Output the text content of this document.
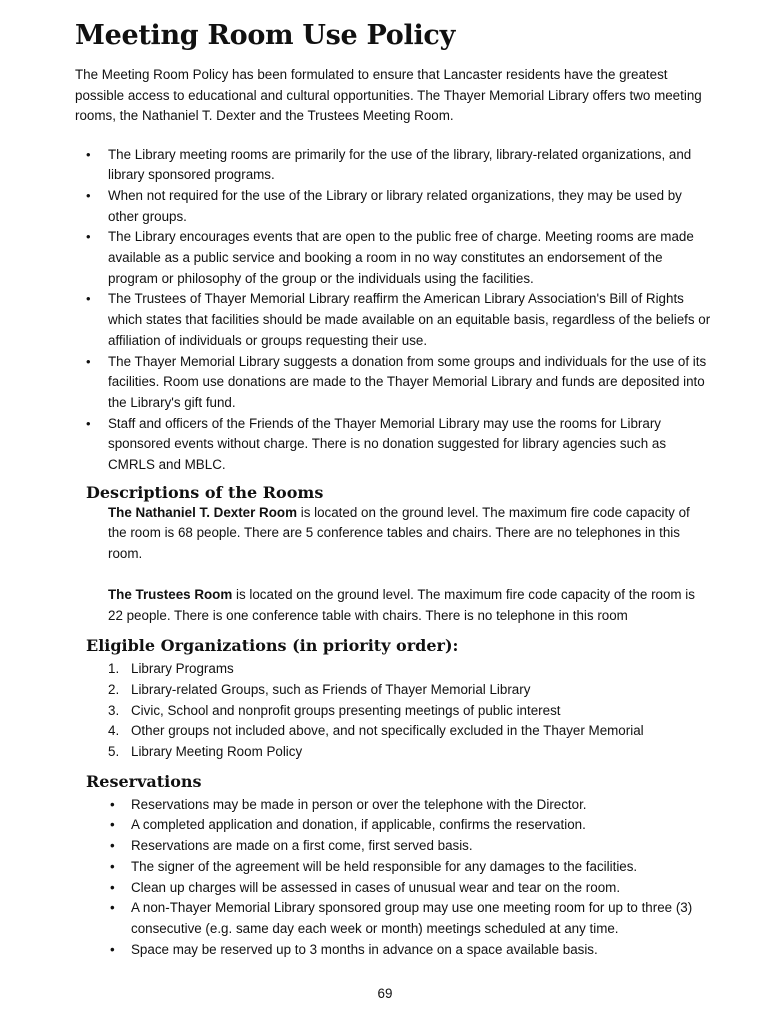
Meeting Room Use Policy

The Meeting Room Policy has been formulated to ensure that Lancaster residents have the greatest possible access to educational and cultural opportunities. The Thayer Memorial Library offers two meeting rooms, the Nathaniel T. Dexter and the Trustees Meeting Room.

• The Library meeting rooms are primarily for the use of the library, library-related organizations, and library sponsored programs.
• When not required for the use of the Library or library related organizations, they may be used by other groups.
• The Library encourages events that are open to the public free of charge. Meeting rooms are made available as a public service and booking a room in no way constitutes an endorsement of the program or philosophy of the group or the individuals using the facilities.
• The Trustees of Thayer Memorial Library reaffirm the American Library Association's Bill of Rights which states that facilities should be made available on an equitable basis, regardless of the beliefs or affiliation of individuals or groups requesting their use.
• The Thayer Memorial Library suggests a donation from some groups and individuals for the use of its facilities. Room use donations are made to the Thayer Memorial Library and funds are deposited into the Library's gift fund.
• Staff and officers of the Friends of the Thayer Memorial Library may use the rooms for Library sponsored events without charge. There is no donation suggested for library agencies such as CMRLS and MBLC.
Descriptions of the Rooms

The Nathaniel T. Dexter Room is located on the ground level. The maximum fire code capacity of the room is 68 people. There are 5 conference tables and chairs. There are no telephones in this room.

The Trustees Room is located on the ground level. The maximum fire code capacity of the room is 22 people. There is one conference table with chairs. There is no telephone in this room

Eligible Organizations (in priority order):
1. Library Programs
2. Library-related Groups, such as Friends of Thayer Memorial Library
3. Civic, School and nonprofit groups presenting meetings of public interest
4. Other groups not included above, and not specifically excluded in the Thayer Memorial
5. Library Meeting Room Policy
Reservations
• Reservations may be made in person or over the telephone with the Director.
• A completed application and donation, if applicable, confirms the reservation.
• Reservations are made on a first come, first served basis.
• The signer of the agreement will be held responsible for any damages to the facilities.
• Clean up charges will be assessed in cases of unusual wear and tear on the room.
• A non-Thayer Memorial Library sponsored group may use one meeting room for up to three (3) consecutive (e.g. same day each week or month) meetings scheduled at any time.
• Space may be reserved up to 3 months in advance on a space available basis.
69
